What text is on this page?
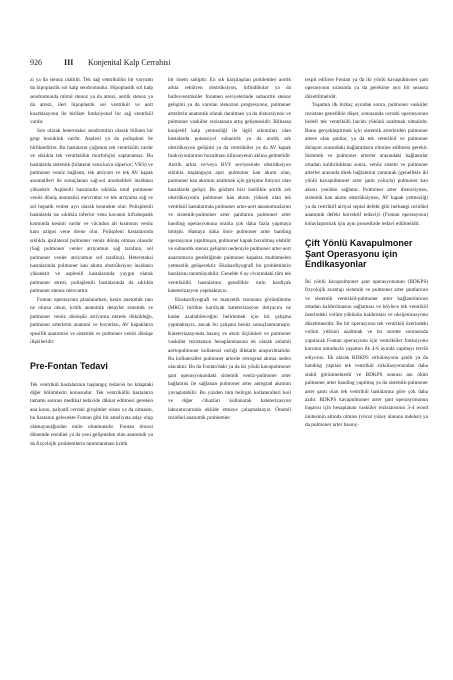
926	III Konjenital Kalp Cerrahisi

zi ya da stenoz olabilir. Tek sağ ventrikülün bir varyantı da hipoplastik sol kalp sendromudur. Hipoplastik sol kalp sendromunda mitral stenoz ya da atrezi, aortik stenoz ya da atrezi, ileri hipoplastik sol ventrikül ve aort koarktasyonu ile birlikte fonksiyonel bir sağ ventrikül vardır.

Son olarak heterotaksi sendromları olarak bilinen bir grup bozukluk vardır. Aspleni ya da polispleni ile birliktedirler. Bu hastaların çoğunun tek ventrikülü vardır ve sıklıkla tek ventrikülün morfolojisi saptanamaz. Bu hastalarda sistemik (bilateral vena kava süperior; VKS) ve pulmoner venöz bağlantı, tek atriyum ve tek AV kapak anomalileri ile sonuçlanan sağ-sol anomalileri insidansı yüksektir. Asplenili hastalarda sıklıkla total pulmoner venöz dönüş anomalisi mevcuttur ve tek atriyuma sağ ve sol hepatik venler ayrı olarak konnekte olur. Polisplenili hastalarda ise sıklıkla inferior vena kavanın infrahepatik kısmında kesinti vardır ve vücudun alt kısmının venöz kanı azigos vene drene olur. Polispleni hastalarında sıklıkla ipsilateral pulmoner venöz dönüş olması olasıdır (Sağ pulmoner venler atriyumun sağ tarafına, sol pulmoner venler atriyumun sol tarafına). Heterotaksi hastalarında pulmoner kan akımı obstrüksiyon insidansı yüksektir ve asplenili hastalarında yaygın olarak pulmoner atrezi, polisplenili hastalarında da sıklıkla pulmoner stenoz mevcuttur.

Fontan operasyonu planlanırken, kesin anatomik tanı ne olursa olsun, kritik anatomik detaylar sistemik ve pulmoner venöz dönüşün atriyuma nerede dökülduğu, pulmoner arterlerin anatomi ve boyutları, AV kapakların spesifik anatomisi ve sistemik ve pulmoner venöz dönüşe ilişkileridir.

Pre-Fontan Tedavi

Tek ventrikül hastalarının başlangıç tedavisi bu kitaptaki diğer bölümlerin konusudur. Tek ventriküllü hastaların tamamı sonrası medikal tedavide dikkat edilmesi gereken ana konu, palyatif cerrahi girişimler olsun ya da olmasın, bu hastanın gelecekte Fontan gibi bir ameliyata aday olup olamayacağından emin olunmasıdır. Fontan öncesi dönemde rezidüel ya da yeni gelişmekte olan anatomik ya da fizyolojik problemlerin tanımlanması kritik

bir önem sahiptir. En sık karşılaşılan problemler aortik arkta rekürren obstrüksiyon, infindibular ya da bulboventriküler foramen seviyelerinde subaortik stenoz gelişimi ya da varolan stenozun progresyonu, pulmoner arterlerin anatomik olarak daralması ya da distorsiyonu ve pulmoner vasküler rezistansta artış gelişmesidir. Bilhassa konjestif kalp yetmezliği ile ilgili sıkıntıları olan hastalarda potansiyel subaortik ya da aortik ark obstrüksiyon gelişimi ya da ventriküler ya da AV kapak fonksiyonlarının bozulması kliniseyenin aklına gelmelidir. Aortik arkta ve/veya BVF seviyesinde obstrüksiyon sıklıkla başlangıçta aşırı pulmoner kan akımı olan, pulmoner kan akımını azaltmak için girişime ihtiyacı olan hastalarda gelişir. Bu gözlem bizi özellikle aortik ark obstrüksiyonlu pulmoner kan akımı yüksek olan tek ventrikül hastalarında pulmoner arter-aort anastomozlarını ve sistemik-pulmoner arter şantlarını pulmoner arter banding operasyonuna oranla çok daha fazla yapmaya itmiştir. Hastaya daha önce pulmoner arter banding operasyonu yapılmışsa, pulmoner kapak bozulmuş olabilir ve subaortik stenoz gelişimi nedeniyle pulmoner arter-aort anastomozu gerektiğinde pulmoner kapakta muhtemelen yetmezlik gelişecektir. Ekokardiyografi bu problemlerin bazılarını tanımlayabilir. Genelde 6 ay civarındaki tüm tek ventriküllü hastalarına genellikle rutin kardiyak kateterizasyon yapmaktayız.

Ekokardiyografi ve manyetik rezonans görüntüleme (MRG) birlikte kardiyak kateterizasyon ihtiyacını ne kadar azaltabileceğini belirlemek için bir çalışma yapmaktayız, ancak bu çalışma henüz sonuçlanmamıştır. Kateterizasyonda basınç ve akım ölçümleri ve pulmoner vasküler rezistansın hesaplanmasına ek olarak anlamlı aortopulmoner kollateral varlığı dikkatle araştırılmalıdır. Bu kollateraller pulmoner arterde retrograd akıma neden olacaktır. Bu da Fontan'daki ya da iki yönlü kavapulmoner şant operasyonundaki sistemik venöz-pulmoner arter bağlantısı ile sağlanan pulmoner arter antegrad akımını yavaşlatabilir. Bu yüzden tüm belirgin kollateralleri koil ve diğer cihazları kullanarak kateterizasyon laboratuvarında oklüde etmeye çalışmaktayız. Önemli rezidüel anatomik problemler

tespit edilirse Fontan ya da iki yönlü kavapulmoner şant operasyonu sırasında ya da gerekirse ayrı bir seansta düzeltilmelidir.

Yaşamın ilk birkaç ayından sonra, pulmoner vasküler rezistans genellikle düşer, sonrasında cerrahi operasyonun hedefi tek ventrikülü hacim yükünü azaltmak olmalıdır. Bunu gerçekleştirmek için sistemik arterlerden pulmoner artere olan şantlar, ya da tek ventrikül ve pulmoner dolaşım arasındaki bağlantıların elimine edilmesi gerekir. Sistemik ve pulmoner arterler arasındaki bağlantılar ortadan kaldırıldıktan sonra, venöz sistem ve pulmoner arterler arasında direk bağlantılar yaratarak (genellikle iki yönlü kavapulmoner arter şantı yoluyla) pulmoner kan akımı yeniden sağlanır. Pulmoner arter distorsiyonu, sistemik kan akımı obstrüksiyonu, AV kapak yetmezliği ya da restriktif atriyal septal defekt gibi herhangi rezidüel anatomik defekt korrektif tedaviyi (Fontan operasyonu) kolaylaştırmak için aynı prosedürde tedavi edilmelidir.

Çift Yönlü Kavapulmoner Şant Operasyonu için Endikasyonlar

İki yönlü kavapulmoner şant operasyonunun (BDKPS) fizyolojik avantajı sistemik ve pulmoner arter şantlarının ve sistemik ventrikül-pulmoner arter bağlantılarının ortadan kaldırılmasını sağlaması ve böylece tek ventrikül üzerindeki volüm yükünün kaldırması ve oksijenizasyonu düzeltmesidir. Bu bir operasyonu tek ventrikül üzerindeki volüm yükünü azaltmak ve bu surette sonrasında yapılacak Fontan operasyonu için ventriküler fonksiyonu koruma umuduyla yaşamın ilk 4-6 ayında yapmayı tercih ediyoruz. Ek olarak BDKPS sirkülasyonu şantlı ya da banding yapılan tek ventrikül sirkülasyonundan daha stabil görünmektedir ve BDKPS sonrası anı ölüm pulmoner arter banding yapılmış ya da sistemik-pulmoner arter şantı olan tek ventrikül hastalarına göre çok daha azdır. BDKPS kavapulmoner arter şant operasyonunun başarısı için hesaplanan vasküler rezistansının 3-4 wood ünitesinin altında olması (vücut yüzey alanına indeksi) ya da pulmoner arter basınç-
